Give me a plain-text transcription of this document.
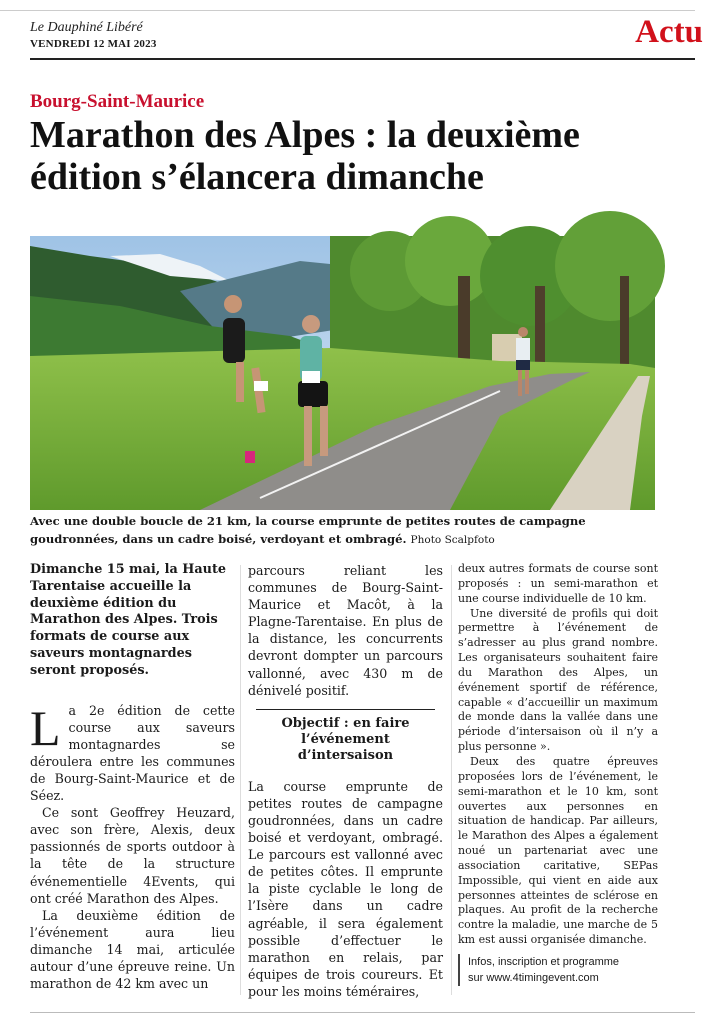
Le Dauphiné Libéré
VENDREDI 12 MAI 2023	Actu
Bourg-Saint-Maurice
Marathon des Alpes : la deuxième
édition s’élancera dimanche
Avec une double boucle de 21 km, la course emprunte de petites routes de campagne goudronnées, dans un cadre boisé, verdoyant et ombragé. Photo Scalpfoto

Dimanche 15 mai, la Haute Tarentaise accueille la deuxième édition du Marathon des Alpes. Trois formats de course aux saveurs montagnardes seront proposés.

La 2e édition de cette course aux saveurs montagnardes se déroulera entre les communes de Bourg-Saint-Maurice et de Séez.

Ce sont Geoffrey Heuzard, avec son frère, Alexis, deux passionnés de sports outdoor à la tête de la structure événementielle 4Events, qui ont créé Marathon des Alpes.

La deuxième édition de l’événement aura lieu dimanche 14 mai, articulée autour d’une épreuve reine. Un marathon de 42 km avec un

parcours reliant les communes de Bourg-Saint-Maurice et Macôt, à la Plagne-Tarentaise. En plus de la distance, les concurrents devront dompter un parcours vallonné, avec 430 m de dénivelé positif.

Objectif : en faire l’événement d’intersaison

La course emprunte de petites routes de campagne goudronnées, dans un cadre boisé et verdoyant, ombragé. Le parcours est vallonné avec de petites côtes. Il emprunte la piste cyclable le long de l’Isère dans un cadre agréable, il sera également possible d’effectuer le marathon en relais, par équipes de trois coureurs. Et pour les moins téméraires,

deux autres formats de course sont proposés : un semi-marathon et une course individuelle de 10 km.

Une diversité de profils qui doit permettre à l’événement de s’adresser au plus grand nombre. Les organisateurs souhaitent faire du Marathon des Alpes, un événement sportif de référence, capable « d’accueillir un maximum de monde dans la vallée dans une période d’intersaison où il n’y a plus personne ».

Deux des quatre épreuves proposées lors de l’événement, le semi-marathon et le 10 km, sont ouvertes aux personnes en situation de handicap. Par ailleurs, le Marathon des Alpes a également noué un partenariat avec une association caritative, SEPas Impossible, qui vient en aide aux personnes atteintes de sclérose en plaques. Au profit de la recherche contre la maladie, une marche de 5 km est aussi organisée dimanche.

Infos, inscription et programme
sur www.4timingevent.com
